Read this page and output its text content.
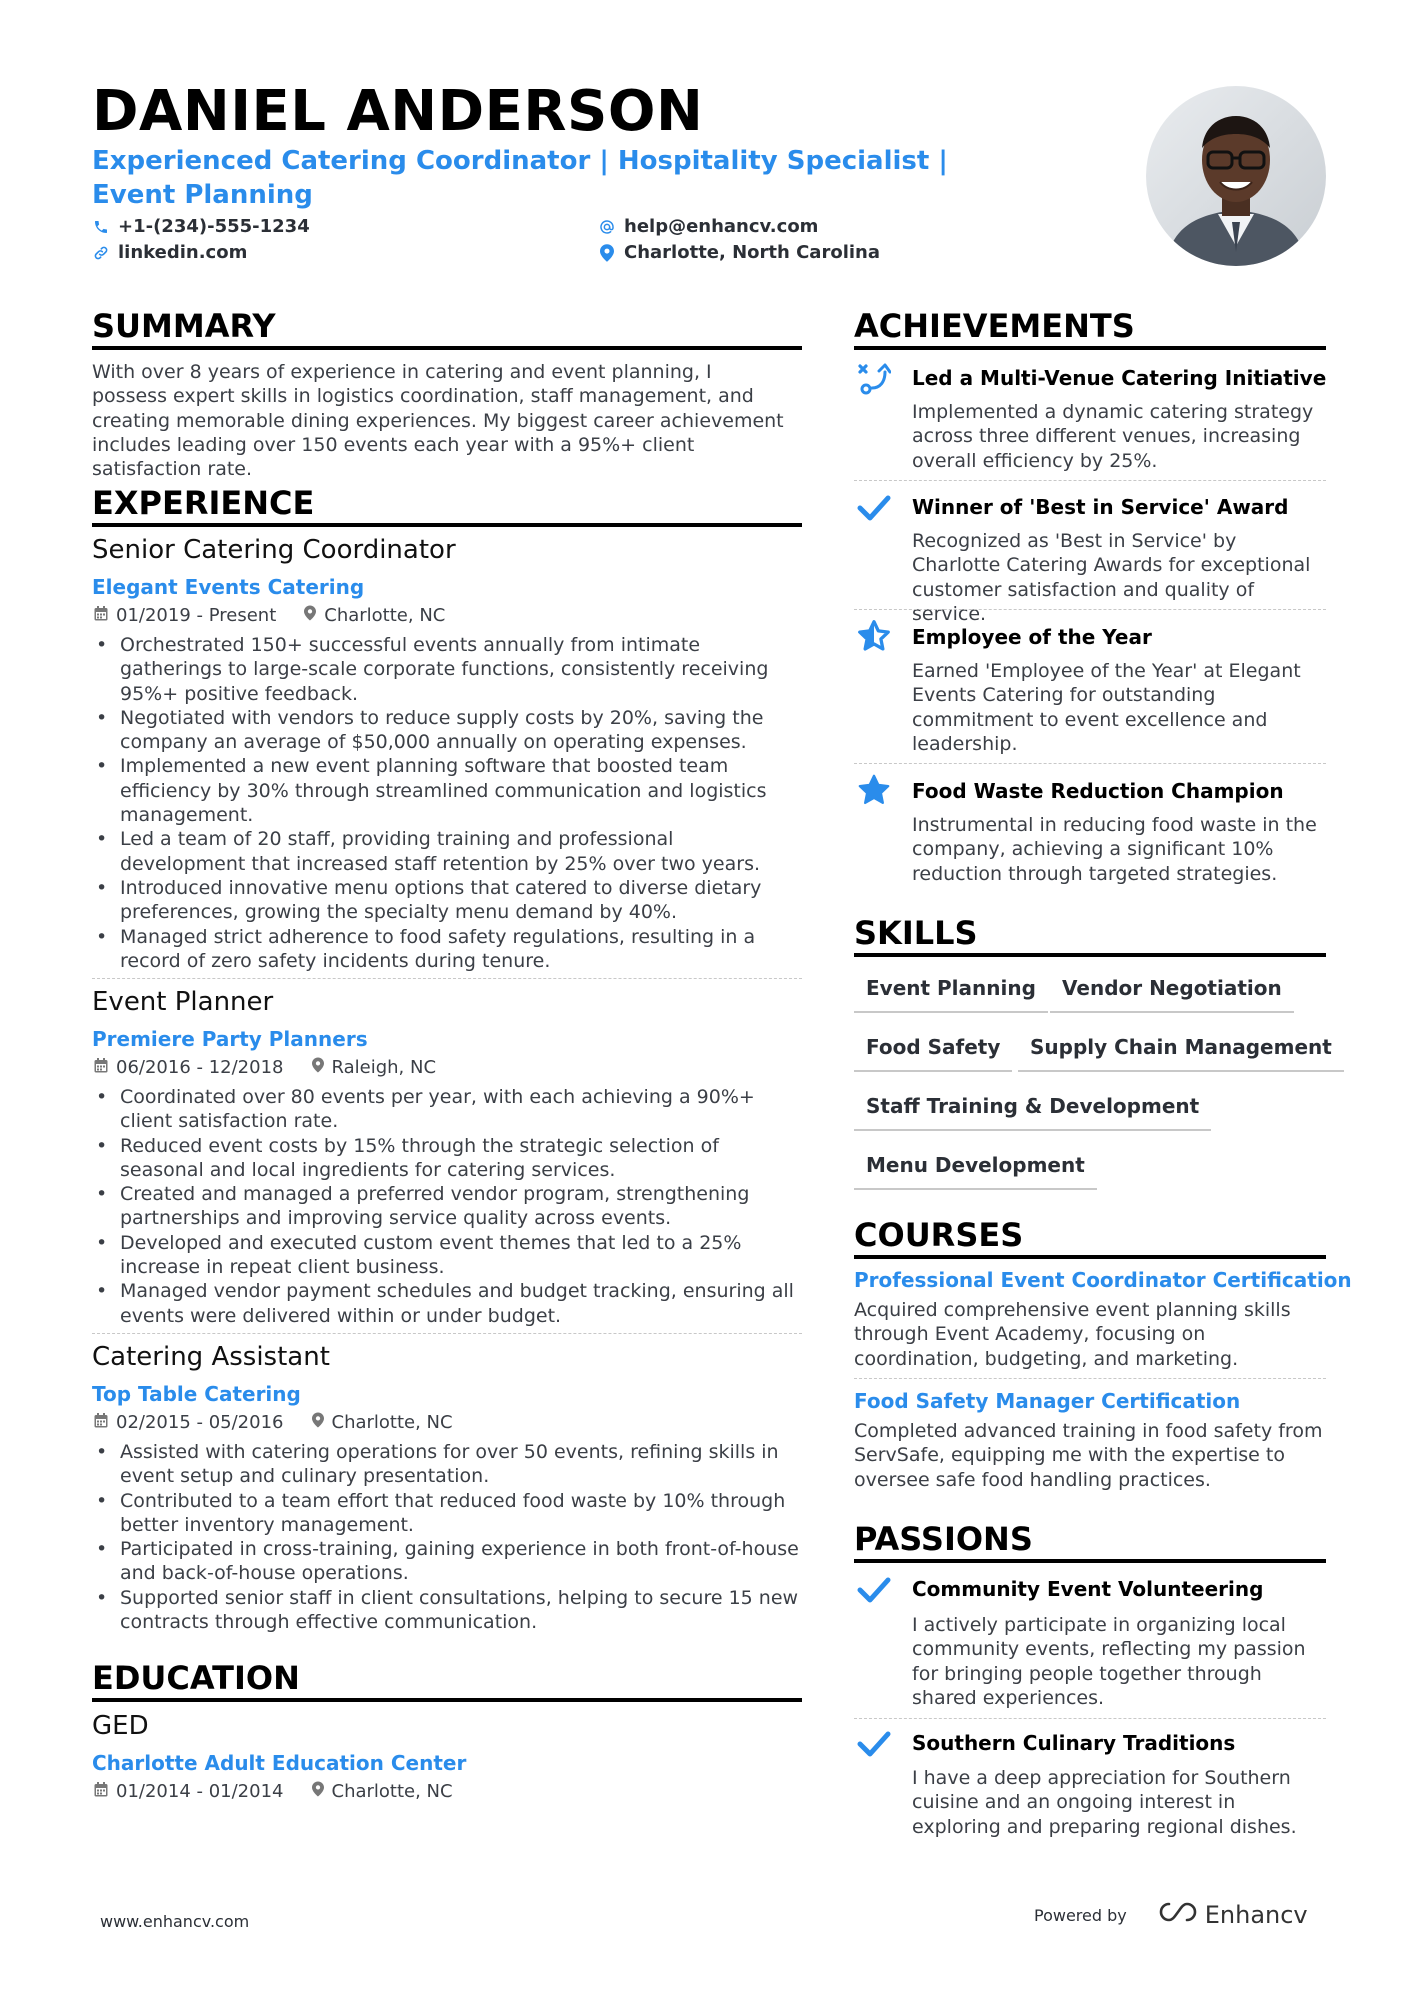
DANIEL ANDERSON
Experienced Catering Coordinator | Hospitality Specialist | Event Planning
+1-(234)-555-1234
linkedin.com
help@enhancv.com
Charlotte, North Carolina
SUMMARY
With over 8 years of experience in catering and event planning, I possess expert skills in logistics coordination, staff management, and creating memorable dining experiences. My biggest career achievement includes leading over 150 events each year with a 95%+ client satisfaction rate.
EXPERIENCE
Senior Catering Coordinator
Elegant Events Catering
01/2019 - Present	Charlotte, NC
• Orchestrated 150+ successful events annually from intimate gatherings to large-scale corporate functions, consistently receiving 95%+ positive feedback.
• Negotiated with vendors to reduce supply costs by 20%, saving the company an average of $50,000 annually on operating expenses.
• Implemented a new event planning software that boosted team efficiency by 30% through streamlined communication and logistics management.
• Led a team of 20 staff, providing training and professional development that increased staff retention by 25% over two years.
• Introduced innovative menu options that catered to diverse dietary preferences, growing the specialty menu demand by 40%.
• Managed strict adherence to food safety regulations, resulting in a record of zero safety incidents during tenure.
Event Planner
Premiere Party Planners
06/2016 - 12/2018	Raleigh, NC
• Coordinated over 80 events per year, with each achieving a 90%+ client satisfaction rate.
• Reduced event costs by 15% through the strategic selection of seasonal and local ingredients for catering services.
• Created and managed a preferred vendor program, strengthening partnerships and improving service quality across events.
• Developed and executed custom event themes that led to a 25% increase in repeat client business.
• Managed vendor payment schedules and budget tracking, ensuring all events were delivered within or under budget.
Catering Assistant
Top Table Catering
02/2015 - 05/2016	Charlotte, NC
• Assisted with catering operations for over 50 events, refining skills in event setup and culinary presentation.
• Contributed to a team effort that reduced food waste by 10% through better inventory management.
• Participated in cross-training, gaining experience in both front-of-house and back-of-house operations.
• Supported senior staff in client consultations, helping to secure 15 new contracts through effective communication.
EDUCATION
GED
Charlotte Adult Education Center
01/2014 - 01/2014	Charlotte, NC
ACHIEVEMENTS
Led a Multi-Venue Catering Initiative
Implemented a dynamic catering strategy across three different venues, increasing overall efficiency by 25%.
Winner of 'Best in Service' Award
Recognized as 'Best in Service' by Charlotte Catering Awards for exceptional customer satisfaction and quality of service.
Employee of the Year
Earned 'Employee of the Year' at Elegant Events Catering for outstanding commitment to event excellence and leadership.
Food Waste Reduction Champion
Instrumental in reducing food waste in the company, achieving a significant 10% reduction through targeted strategies.
SKILLS
Event Planning	Vendor Negotiation
Food Safety	Supply Chain Management
Staff Training & Development
Menu Development
COURSES
Professional Event Coordinator Certification
Acquired comprehensive event planning skills through Event Academy, focusing on coordination, budgeting, and marketing.
Food Safety Manager Certification
Completed advanced training in food safety from ServSafe, equipping me with the expertise to oversee safe food handling practices.
PASSIONS
Community Event Volunteering
I actively participate in organizing local community events, reflecting my passion for bringing people together through shared experiences.
Southern Culinary Traditions
I have a deep appreciation for Southern cuisine and an ongoing interest in exploring and preparing regional dishes.
www.enhancv.com	Powered by	Enhancv
